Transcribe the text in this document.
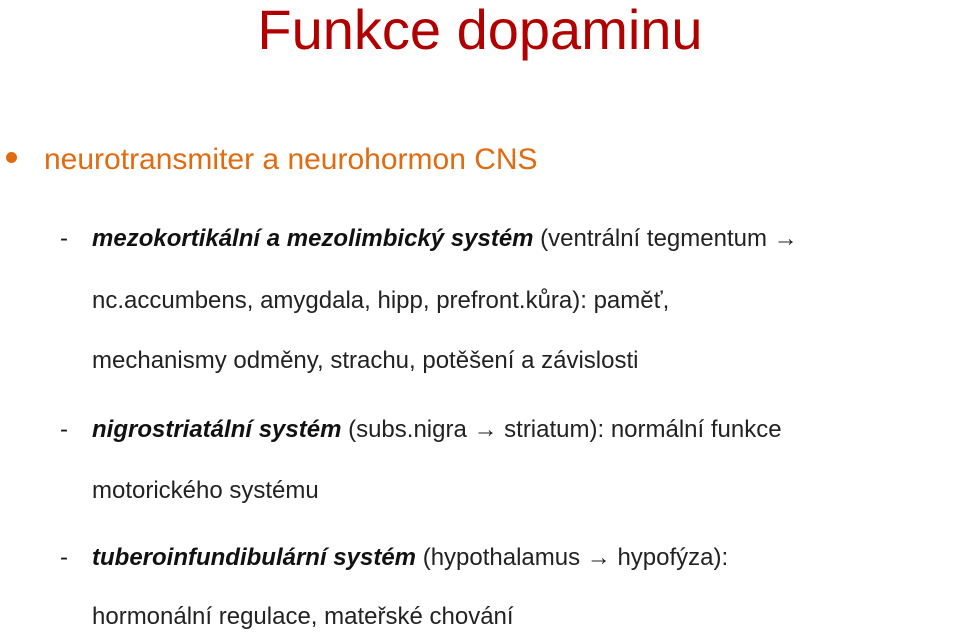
Funkce dopaminu
neurotransmiter a neurohormon CNS
- mezokortikální a mezolimbický systém (ventrální tegmentum →
nc.accumbens, amygdala, hipp, prefront.kůra): paměť,
mechanismy odměny, strachu, potěšení a závislosti
- nigrostriatální systém (subs.nigra → striatum): normální funkce
motorického systému
- tuberoinfundibulární systém (hypothalamus → hypofýza):
hormonální regulace, mateřské chování
